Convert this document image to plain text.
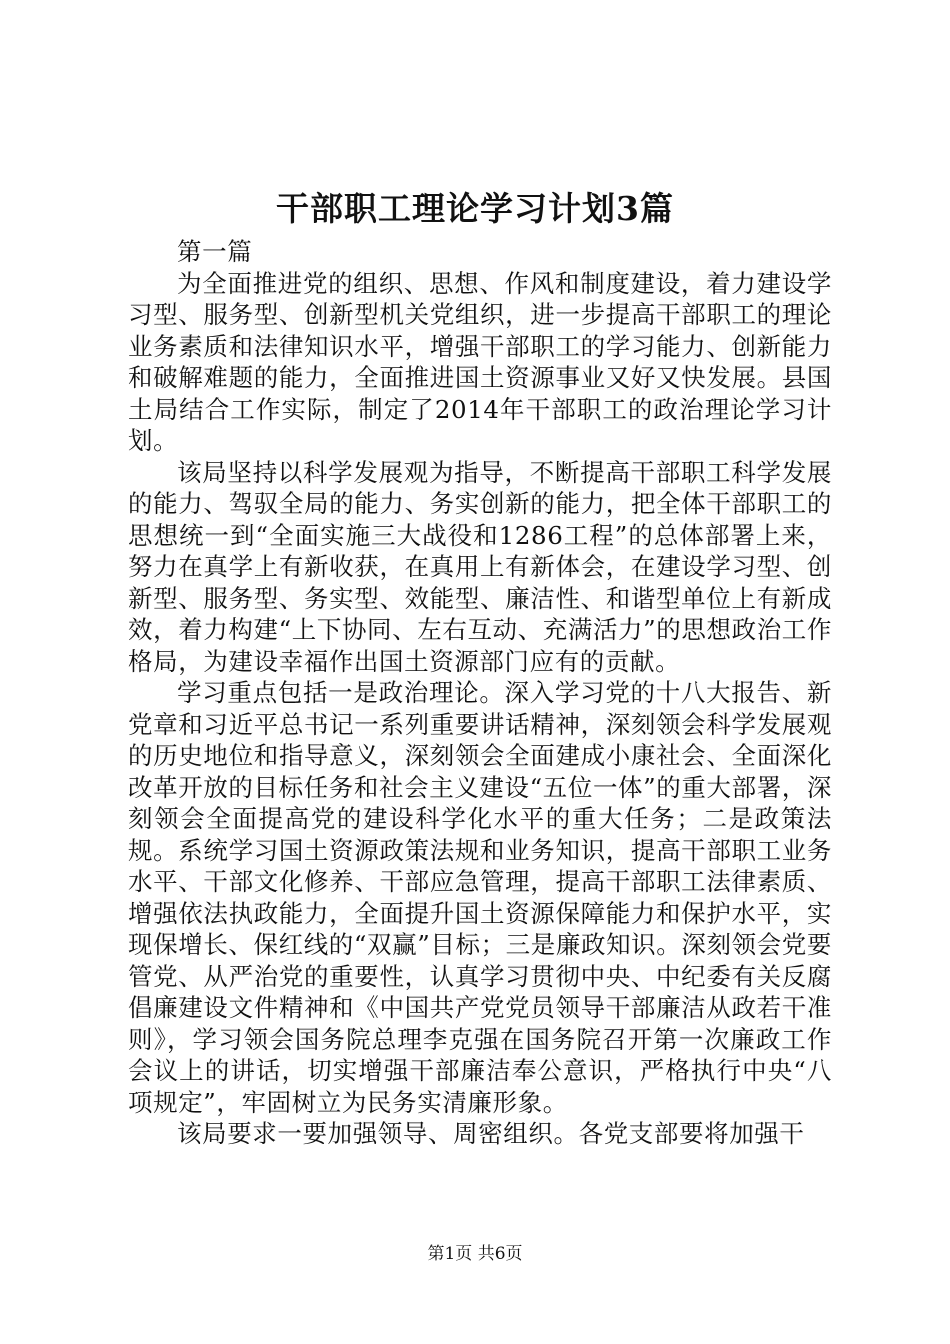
干部职工理论学习计划3篇

第一篇

为全面推进党的组织、思想、作风和制度建设，着力建设学习型、服务型、创新型机关党组织，进一步提高干部职工的理论业务素质和法律知识水平，增强干部职工的学习能力、创新能力和破解难题的能力，全面推进国土资源事业又好又快发展。县国土局结合工作实际，制定了2014年干部职工的政治理论学习计划。

该局坚持以科学发展观为指导，不断提高干部职工科学发展的能力、驾驭全局的能力、务实创新的能力，把全体干部职工的思想统一到“全面实施三大战役和1286工程”的总体部署上来，努力在真学上有新收获，在真用上有新体会，在建设学习型、创新型、服务型、务实型、效能型、廉洁性、和谐型单位上有新成效，着力构建“上下协同、左右互动、充满活力”的思想政治工作格局，为建设幸福作出国土资源部门应有的贡献。

学习重点包括一是政治理论。深入学习党的十八大报告、新党章和习近平总书记一系列重要讲话精神，深刻领会科学发展观的历史地位和指导意义，深刻领会全面建成小康社会、全面深化改革开放的目标任务和社会主义建设“五位一体”的重大部署，深刻领会全面提高党的建设科学化水平的重大任务；二是政策法规。系统学习国土资源政策法规和业务知识，提高干部职工业务水平、干部文化修养、干部应急管理，提高干部职工法律素质、增强依法执政能力，全面提升国土资源保障能力和保护水平，实现保增长、保红线的“双赢”目标；三是廉政知识。深刻领会党要管党、从严治党的重要性，认真学习贯彻中央、中纪委有关反腐倡廉建设文件精神和《中国共产党党员领导干部廉洁从政若干准则》，学习领会国务院总理李克强在国务院召开第一次廉政工作会议上的讲话，切实增强干部廉洁奉公意识，严格执行中央“八项规定”，牢固树立为民务实清廉形象。

该局要求一要加强领导、周密组织。各党支部要将加强干

第1页 共6页
